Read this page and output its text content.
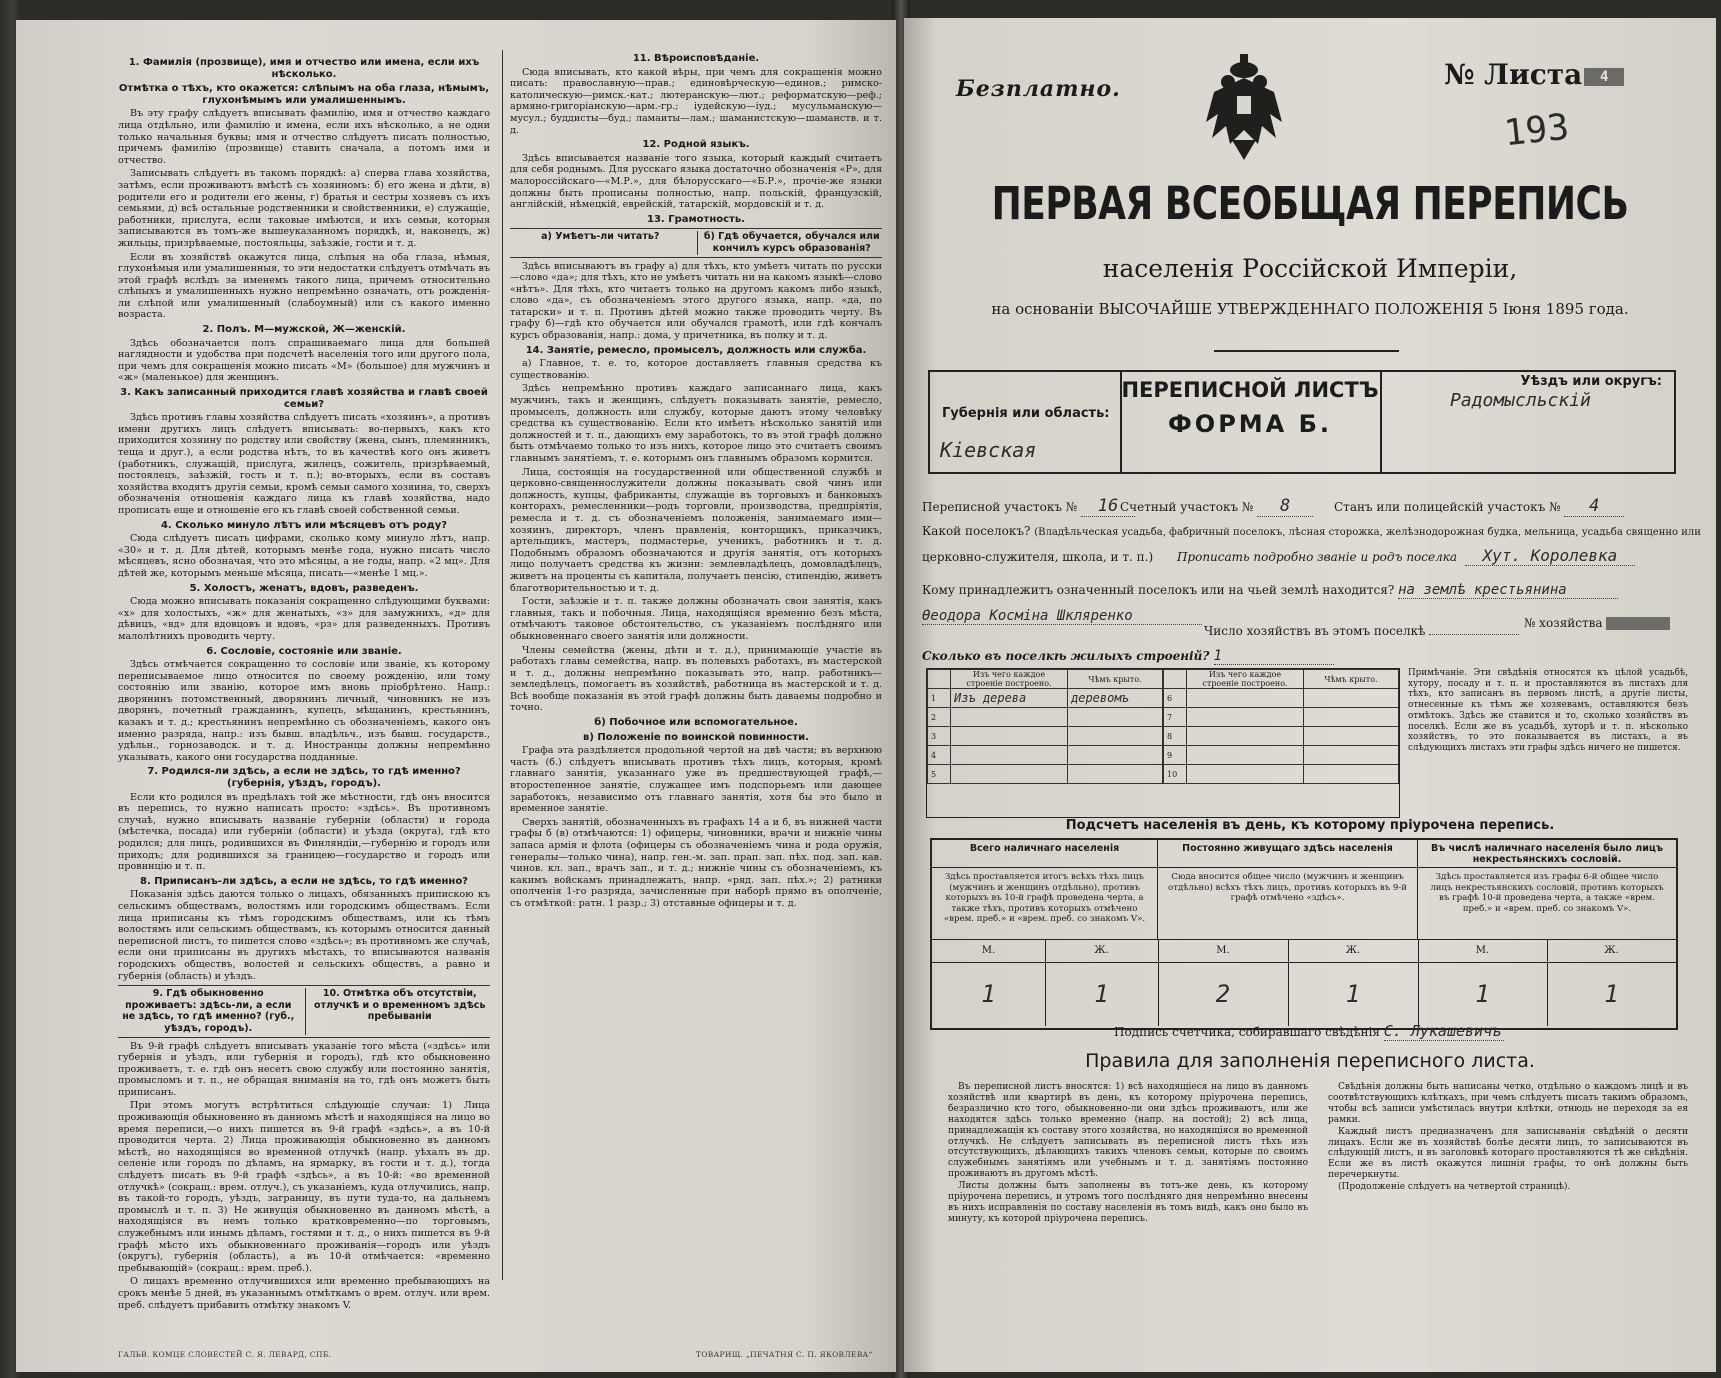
1. Фамилія (прозвище), имя и отчество или имена, если ихъ нѣсколько.
Отмѣтка о тѣхъ, кто окажется: слѣпымъ на оба глаза, нѣмымъ, глухонѣмымъ или умалишеннымъ.

Въ эту графу слѣдуетъ вписывать фамилію, имя и отчество каждаго лица отдѣльно, или фамилію и имена, если ихъ нѣсколько, а не одни только начальныя буквы; имя и отчество слѣдуетъ писать полностью, причемъ фамилію (прозвище) ставить сначала, а потомъ имя и отчество.

Записывать слѣдуетъ въ такомъ порядкѣ: а) сперва глава хозяйства, затѣмъ, если проживаютъ вмѣстѣ съ хозяиномъ: б) его жена и дѣти, в) родители его и родители его жены, г) братья и сестры хозяевъ съ ихъ семьями, д) всѣ остальные родственники и свойственники, е) служащіе, работники, прислуга, если таковые имѣются, и ихъ семьи, которыя записываются въ томъ-же вышеуказанномъ порядкѣ, и, наконецъ, ж) жильцы, призрѣваемые, постояльцы, заѣзжіе, гости и т. д.

Если въ хозяйствѣ окажутся лица, слѣпыя на оба глаза, нѣмыя, глухонѣмыя или умалишенныя, то эти недостатки слѣдуетъ отмѣчать въ этой графѣ вслѣдъ за именемъ такого лица, причемъ относительно слѣпыхъ и умалишенныхъ нужно непремѣнно означать, отъ рожденія-ли слѣпой или умалишенный (слабоумный) или съ какого именно возраста.

2. Полъ. М—мужской, Ж—женскій.

Здѣсь обозначается полъ спрашиваемаго лица для большей наглядности и удобства при подсчетѣ населенія того или другого пола, при чемъ для сокращенія можно писать «М» (большое) для мужчинъ и «ж» (маленькое) для женщинъ.

3. Какъ записанный приходится главѣ хозяйства и главѣ своей семьи?

Здѣсь противъ главы хозяйства слѣдуетъ писать «хозяинъ», а противъ имени другихъ лицъ слѣдуетъ вписывать: во-первыхъ, какъ кто приходится хозяину по родству или свойству (жена, сынъ, племянникъ, теща и друг.), а если родства нѣтъ, то въ качествѣ кого онъ живетъ (работникъ, служащій, прислуга, жилецъ, сожитель, призрѣваемый, постоялецъ, заѣзжій, гость и т. п.); во-вторыхъ, если въ составъ хозяйства входятъ другія семьи, кромѣ семьи самого хозяина, то, сверхъ обозначенія отношенія каждаго лица къ главѣ хозяйства, надо прописать еще и отношеніе его къ главѣ своей собственной семьи.

4. Сколько минуло лѣтъ или мѣсяцевъ отъ роду?

Сюда слѣдуетъ писать цифрами, сколько кому минуло лѣтъ, напр. «30» и т. д. Для дѣтей, которымъ менѣе года, нужно писать число мѣсяцевъ, ясно обозначая, что это мѣсяцы, а не годы, напр. «2 мц». Для дѣтей же, которымъ меньше мѣсяца, писать—«менѣе 1 мц.».

5. Холостъ, женатъ, вдовъ, разведенъ.

Сюда можно вписывать показанія сокращенно слѣдующими буквами: «х» для холостыхъ, «ж» для женатыхъ, «з» для замужнихъ, «д» для дѣвицъ, «вд» для вдовцовъ и вдовъ, «рз» для разведенныхъ. Противъ малолѣтнихъ проводить черту.

6. Сословіе, состояніе или званіе.

Здѣсь отмѣчается сокращенно то сословіе или званіе, къ которому переписываемое лицо относится по своему рожденію, или тому состоянію или званію, которое имъ вновь пріобрѣтено. Напр.: дворянинъ потомственный, дворянинъ личный, чиновникъ не изъ дворянъ, почетный гражданинъ, купецъ, мѣщанинъ, крестьянинъ, казакъ и т. д.; крестьянинъ непремѣнно съ обозначеніемъ, какого онъ именно разряда, напр.: изъ бывш. владѣльч., изъ бывш. государств., удѣльн., горнозаводск. и т. д. Иностранцы должны непремѣнно указывать, какого они государства подданные.

7. Родился-ли здѣсь, а если не здѣсь, то гдѣ именно? (губернія, уѣздъ, городъ).

Если кто родился въ предѣлахъ той же мѣстности, гдѣ онъ вносится въ перепись, то нужно написать просто: «здѣсь». Въ противномъ случаѣ, нужно вписывать названіе губерніи (области) и города (мѣстечка, посада) или губерніи (области) и уѣзда (округа), гдѣ кто родился; для лицъ, родившихся въ Финляндіи,—губернію и городъ или приходъ; для родившихся за границею—государство и городъ или провинцію и т. п.

8. Приписанъ-ли здѣсь, а если не здѣсь, то гдѣ именно?

Показанія здѣсь даются только о лицахъ, обязанныхъ припискою къ сельскимъ обществамъ, волостямъ или городскимъ обществамъ. Если лица приписаны къ тѣмъ городскимъ обществамъ, или къ тѣмъ волостямъ или сельскимъ обществамъ, къ которымъ относится данный переписной листъ, то пишется слово «здѣсь»; въ противномъ же случаѣ, если они приписаны въ другихъ мѣстахъ, то вписываются названія городскихъ обществъ, волостей и сельскихъ обществъ, а равно и губернія (область) и уѣздъ.

9. Гдѣ обыкновенно проживаетъ: здѣсь-ли, а если не здѣсь, то гдѣ именно? (губ., уѣздъ, городъ).
10. Отмѣтка объ отсутствіи, отлучкѣ и о временномъ здѣсь пребываніи

Въ 9-й графѣ слѣдуетъ вписывать указаніе того мѣста («здѣсь» или губернія и уѣздъ, или губернія и городъ), гдѣ кто обыкновенно проживаетъ, т. е. гдѣ онъ несетъ свою службу или постоянно занятія, промысломъ и т. п., не обращая вниманія на то, гдѣ онъ можетъ быть приписанъ.

При этомъ могутъ встрѣтиться слѣдующіе случаи: 1) Лица проживающія обыкновенно въ данномъ мѣстѣ и находящіяся на лицо во время переписи,—о нихъ пишется въ 9-й графѣ «здѣсь», а въ 10-й проводится черта. 2) Лица проживающія обыкновенно въ данномъ мѣстѣ, но находящіяся во временной отлучкѣ (напр. уѣхалъ въ др. селеніе или городъ по дѣламъ, на ярмарку, въ гости и т. д.), тогда слѣдуетъ писать въ 9-й графѣ «здѣсь», а въ 10-й: «во временной отлучкѣ» (сокращ.: врем. отлуч.), съ указаніемъ, куда отлучились, напр. въ такой-то городъ, уѣздъ, заграницу, въ пути туда-то, на дальнемъ промыслѣ и т. п. 3) Не живущія обыкновенно въ данномъ мѣстѣ, а находящіяся въ немъ только кратковременно—по торговымъ, служебнымъ или инымъ дѣламъ, гостями и т. д., о нихъ пишется въ 9-й графѣ мѣсто ихъ обыкновеннаго проживанія—городъ или уѣздъ (округъ), губернія (область), а въ 10-й отмѣчается: «временно пребывающій» (сокращ.: врем. преб.).

О лицахъ временно отлучившихся или временно пребывающихъ на срокъ менѣе 5 дней, въ указаннымъ отмѣткамъ о врем. отлуч. или врем. преб. слѣдуетъ прибавить отмѣтку знакомъ V.

11. Вѣроисповѣданіе.

Сюда вписывать, кто какой вѣры, при чемъ для сокращенія можно писать: православную—прав.; единовѣрческую—единов.; римско-католическую—римск.-кат.; лютеранскую—лют.; реформатскую—реф.; армяно-григоріанскую—арм.-гр.; іудейскую—іуд.; мусульманскую—мусул.; буддисты—буд.; ламаиты—лам.; шаманистскую—шаманств. и т. д.

12. Родной языкъ.

Здѣсь вписывается названіе того языка, который каждый считаетъ для себя роднымъ. Для русскаго языка достаточно обозначенія «Р», для малороссійскаго—«М.Р.», для бѣлорусскаго—«Б.Р.», прочіе-же языки должны быть прописаны полностью, напр. польскій, французскій, англійскій, нѣмецкій, еврейскій, татарскій, мордовскій и т. д.

13. Грамотность.
а) Умѣетъ-ли читать?	б) Гдѣ обучается, обучался или кончилъ курсъ образованія?

Здѣсь вписываютъ въ графу а) для тѣхъ, кто умѣетъ читать по русски—слово «да»; для тѣхъ, кто не умѣетъ читать ни на какомъ языкѣ—слово «нѣтъ». Для тѣхъ, кто читаетъ только на другомъ какомъ либо языкѣ, слово «да», съ обозначеніемъ этого другого языка, напр. «да, по татарски» и т. п. Противъ дѣтей можно также проводить черту. Въ графу б)—гдѣ кто обучается или обучался грамотѣ, или гдѣ кончалъ курсъ образованія, напр.: дома, у причетника, въ полку и т. д.

14. Занятіе, ремесло, промыселъ, должность или служба.

а) Главное, т. е. то, которое доставляетъ главныя средства къ существованію.

Здѣсь непремѣнно противъ каждаго записаннаго лица, какъ мужчинъ, такъ и женщинъ, слѣдуетъ показывать занятіе, ремесло, промыселъ, должность или службу, которые даютъ этому человѣку средства къ существованію. Если кто имѣетъ нѣсколько занятій или должностей и т. п., дающихъ ему заработокъ, то въ этой графѣ должно быть отмѣчаемо только то изъ нихъ, которое лицо это считаетъ своимъ главнымъ занятіемъ, т. е. которымъ онъ главнымъ образомъ кормится.

Лица, состоящія на государственной или общественной службѣ и церковно-священнослужители должны показывать свой чинъ или должность, купцы, фабриканты, служащіе въ торговыхъ и банковыхъ конторахъ, ремесленники—родъ торговли, производства, предпріятія, ремесла и т. д. съ обозначеніемъ положенія, занимаемаго ими—хозяинъ, директоръ, членъ правленія, конторщикъ, приказчикъ, артельщикъ, мастеръ, подмастерье, ученикъ, работникъ и т. д. Подобнымъ образомъ обозначаются и другія занятія, отъ которыхъ лицо получаетъ средства къ жизни: землевладѣлецъ, домовладѣлецъ, живетъ на проценты съ капитала, получаетъ пенсію, стипендію, живетъ благотворительностью и т. д.

Гости, заѣзжіе и т. п. также должны обозначать свои занятія, какъ главныя, такъ и побочныя. Лица, находящіяся временно безъ мѣста, отмѣчаютъ таковое обстоятельство, съ указаніемъ послѣдняго или обыкновеннаго своего занятія или должности.

Члены семейства (жены, дѣти и т. д.), принимающіе участіе въ работахъ главы семейства, напр. въ полевыхъ работахъ, въ мастерской и т. д., должны непремѣнно показывать это, напр. работникъ—земледѣлецъ, помогаетъ въ хозяйствѣ, работница въ мастерской и т. д. Всѣ вообще показанія въ этой графѣ должны быть даваемы подробно и точно.

б) Побочное или вспомогательное.
в) Положеніе по воинской повинности.

Графа эта раздѣляется продольной чертой на двѣ части; въ верхнюю часть (б.) слѣдуетъ вписывать противъ тѣхъ лицъ, которыя, кромѣ главнаго занятія, указаннаго уже въ предшествующей графѣ,—второстепенное занятіе, служащее имъ подспорьемъ или дающее заработокъ, независимо отъ главнаго занятія, хотя бы это было и временное занятіе.

Сверхъ занятій, обозначенныхъ въ графахъ 14 а и б, въ нижней части графы б (в) отмѣчаются: 1) офицеры, чиновники, врачи и нижніе чины запаса армія и флота (офицеры съ обозначеніемъ чина и рода оружія, генералы—только чина), напр. ген.-м. зап. прап. зап. пѣх. под. зап. кав. чинов. кл. зап., врачъ зап., и т. д.; нижніе чины съ обозначеніемъ, къ какимъ войскамъ принадлежатъ, напр. «ряд. зап. пѣх.»; 2) ратники ополченія 1-го разряда, зачисленные при наборѣ прямо въ ополченіе, съ отмѣткой: ратн. 1 разр.; 3) отставные офицеры и т. д.

ГАЛЬВ. КОМЦЕ СЛОВЕСТЕЙ С. Я. ЛЕВАРД, СПБ.	ТОВАРИЩ. „ПЕЧАТНЯ С. П. ЯКОВЛЕВА“
Безплатно.	№ Листа 4
193
ПЕРВАЯ ВСЕОБЩАЯ ПЕРЕПИСЬ
населенія Россійской Имперіи,
на основаніи ВЫСОЧАЙШЕ УТВЕРЖДЕННАГО ПОЛОЖЕНІЯ 5 Іюня 1895 года.
Губернія или область:
Кіевская
ПЕРЕПИСНОЙ ЛИСТЪ
ФОРМА Б.
Уѣздъ или округъ:
Радомысльскій
Переписной участокъ № 16 Счетный участокъ № 8	Станъ или полицейскій участокъ № 4
Какой поселокъ? (Владѣльческая усадьба, фабричный поселокъ, лѣсная сторожка, желѣзнодорожная будка, мельница, усадьба священно или
церковно-служителя, школа, и т. п.) Прописать подробно званіе и родъ поселка Хут. Королевка
Кому принадлежитъ означенный поселокъ или на чьей землѣ находится? на землѣ крестьянина
Ѳеодора Косміна Шкляренко
Число хозяйствъ въ этомъ поселкѣ
№ хозяйства
Сколько въ поселкѣ жилыхъ строеній? 1
	Изъ чего каждое строеніе построено.	Чѣмъ крыто.
1	Изъ дерева	деревомъ
2		
3		
4		
5		
	Изъ чего каждое строеніе построено.	Чѣмъ крыто.
6		
7		
8		
9		
10		
Примѣчаніе. Эти свѣдѣнія относятся къ цѣлой усадьбѣ, хутору, посаду и т. п. и проставляются въ листахъ для тѣхъ, кто записанъ въ первомъ листѣ, а другіе листы, отнесенные къ тѣмъ же хозяевамъ, оставляются безъ отмѣтокъ. Здѣсь же ставится и то, сколько хозяйствъ въ поселкѣ. Если же въ усадьбѣ, хуторѣ и т. п. нѣсколько хозяйствъ, то это показывается въ листахъ, а въ слѣдующихъ листахъ эти графы здѣсь ничего не пишется.
Подсчетъ населенія въ день, къ которому пріурочена перепись.
Всего наличнаго населенія	Постоянно живущаго здѣсь населенія	Въ числѣ наличнаго населенія было лицъ некрестьянскихъ сословій.
Здѣсь проставляется итогъ всѣхъ тѣхъ лицъ (мужчинъ и женщинъ отдѣльно), противъ которыхъ въ 10-й графѣ проведена черта, а также тѣхъ, противъ которыхъ отмѣчено «врем. преб.» и «врем. преб. со знакомъ V».
Сюда вносится общее число (мужчинъ и женщинъ отдѣльно) всѣхъ тѣхъ лицъ, противъ которыхъ въ 9-й графѣ отмѣчено «здѣсь».
Здѣсь проставляется изъ графы 6-й общее число лицъ некрестьянскихъ сословій, противъ которыхъ въ графѣ 10-й проведена черта, а также «врем. преб.» и «врем. преб. со знакомъ V».
М.	Ж.	М.	Ж.	М.	Ж.
1	1	2	1	1	1
Подпись счетчика, собиравшаго свѣдѣнія С. Лукашевичъ
Правила для заполненія переписного листа.

Въ переписной листъ вносятся: 1) всѣ находящіеся на лицо въ данномъ хозяйствѣ или квартирѣ въ день, къ которому пріурочена перепись, безразлично кто того, обыкновенно-ли они здѣсь проживаютъ, или же находятся здѣсь только временно (напр. на постой); 2) всѣ лица, принадлежащія къ составу этого хозяйства, но находящіяся во временной отлучкѣ. Не слѣдуетъ записывать въ переписной листъ тѣхъ изъ отсутствующихъ, дѣлающихъ такихъ членовъ семьи, которые по своимъ служебнымъ занятіямъ или учебнымъ и т. д. занятіямъ постоянно проживаютъ въ другомъ мѣстѣ.

Листы должны быть заполнены въ тотъ-же день, къ которому пріурочена перепись, и утромъ того послѣдняго дня непремѣнно внесены въ нихъ исправленія по составу населенія въ томъ видѣ, какъ оно было въ минуту, къ которой пріурочена перепись.

Свѣдѣнія должны быть написаны четко, отдѣльно о каждомъ лицѣ и въ соотвѣтствующихъ клѣткахъ, при чемъ слѣдуетъ писать такимъ образомъ, чтобы всѣ записи умѣстилась внутри клѣтки, отнюдь не переходя за ея рамки.

Каждый листъ предназначенъ для записыванія свѣдѣній о десяти лицахъ. Если же въ хозяйствѣ болѣе десяти лицъ, то записываются въ слѣдующій листъ, и въ заголовкѣ котораго проставляются тѣ же свѣдѣнія. Если же въ листѣ окажутся лишнія графы, то онѣ должны быть перечеркнуты.

(Продолженіе слѣдуетъ на четвертой страницѣ).
